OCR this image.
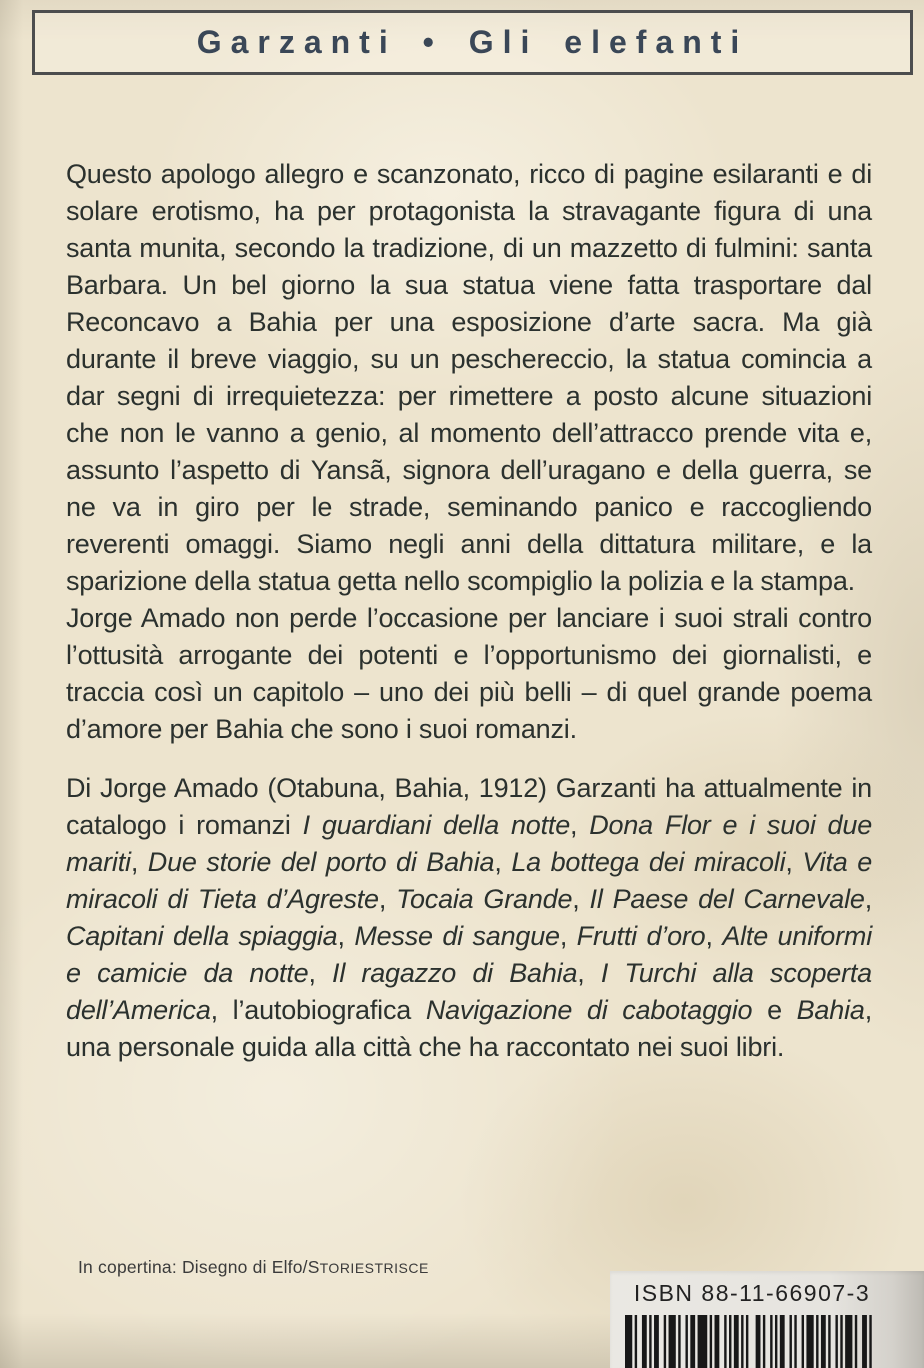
Garzanti • Gli elefanti

Questo apologo allegro e scanzonato, ricco di pagine esilaranti e di solare erotismo, ha per protagonista la stravagante figura di una santa munita, secondo la tradizione, di un mazzetto di fulmini: santa Barbara. Un bel giorno la sua statua viene fatta trasportare dal Reconcavo a Bahia per una esposizione d’arte sacra. Ma già durante il breve viaggio, su un peschereccio, la statua comincia a dar segni di irrequietezza: per rimettere a posto alcune situazioni che non le vanno a genio, al momento dell’attracco prende vita e, assunto l’aspetto di Yansã, signora dell’uragano e della guerra, se ne va in giro per le strade, seminando panico e raccogliendo reverenti omaggi. Siamo negli anni della dittatura militare, e la sparizione della statua getta nello scompiglio la polizia e la stampa.

Jorge Amado non perde l’occasione per lanciare i suoi strali contro l’ottusità arrogante dei potenti e l’opportunismo dei giornalisti, e traccia così un capitolo – uno dei più belli – di quel grande poema d’amore per Bahia che sono i suoi romanzi.

Di Jorge Amado (Otabuna, Bahia, 1912) Garzanti ha attualmente in catalogo i romanzi I guardiani della notte, Dona Flor e i suoi due mariti, Due storie del porto di Bahia, La bottega dei miracoli, Vita e miracoli di Tieta d’Agreste, Tocaia Grande, Il Paese del Carnevale, Capitani della spiaggia, Messe di sangue, Frutti d’oro, Alte uniformi e camicie da notte, Il ragazzo di Bahia, I Turchi alla scoperta dell’America, l’autobiografica Navigazione di cabotaggio e Bahia, una personale guida alla città che ha raccontato nei suoi libri.

In copertina: Disegno di Elfo/STORIESTRISCE
ISBN 88-11-66907-3
